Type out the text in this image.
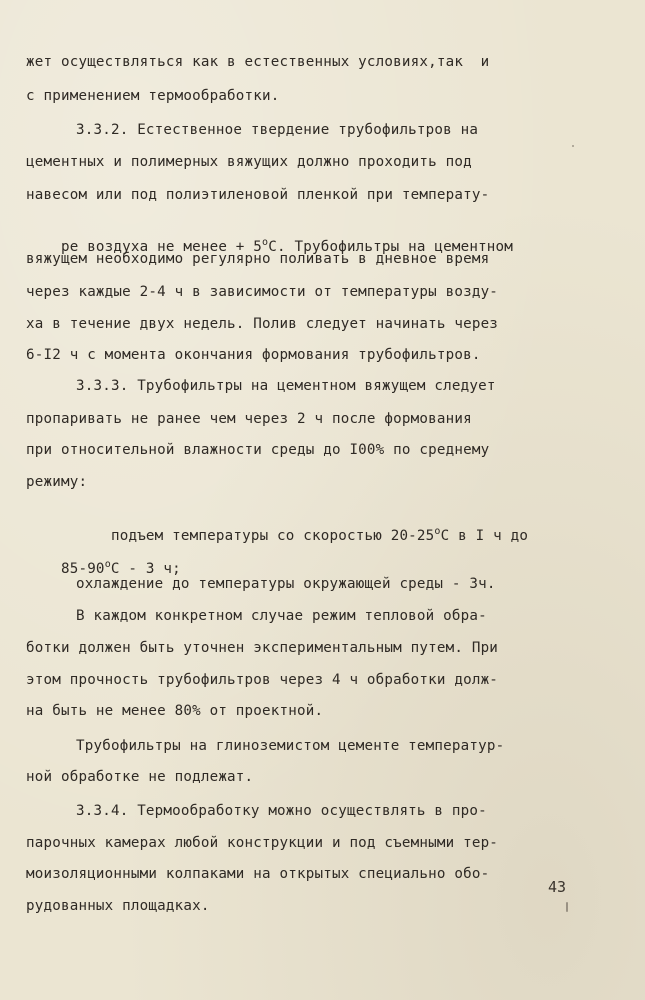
жет осуществляться как в естественных условиях,так  и
с применением термообработки.
3.3.2. Естественное твердение трубофильтров на
цементных и полимерных вяжущих должно проходить под
навесом или под полиэтиленовой пленкой при температу-

ре воздуха не менее + $5^оС$. Трубофильтры на цементном

вяжущем необходимо регулярно поливать в дневное время
через каждые 2-4 ч в зависимости от температуры возду-
ха в течение двух недель. Полив следует начинать через
6-I2 ч с момента окончания формования трубофильтров.
3.3.3. Трубофильтры на цементном вяжущем следует
пропаривать не ранее чем через 2 ч после формования
при относительной влажности среды до I00% по среднему
режиму:

подъем температуры со скоростью $20-25^оС$ в I ч до

$85-90^оС - 3$ ч;

охлаждение до температуры окружающей среды - 3ч.
В каждом конкретном случае режим тепловой обра-
ботки должен быть уточнен экспериментальным путем. При
этом прочность трубофильтров через 4 ч обработки долж-
на быть не менее 80% от проектной.
Трубофильтры на глиноземистом цементе температур-
ной обработке не подлежат.
3.3.4. Термообработку можно осуществлять в про-
парочных камерах любой конструкции и под съемными тер-
моизоляционными колпаками на открытых специально обо-
рудованных площадках.
43
